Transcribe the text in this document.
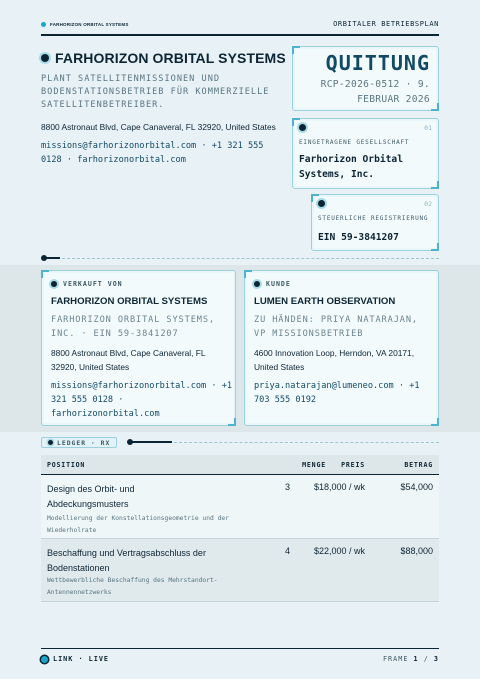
FARHORIZON ORBITAL SYSTEMS	ORBITALER BETRIEBSPLAN
FARHORIZON ORBITAL SYSTEMS
PLANT SATELLITENMISSIONEN UND BODENSTATIONSBETRIEB FÜR KOMMERZIELLE SATELLITENBETREIBER.
8800 Astronaut Blvd, Cape Canaveral, FL 32920, United States
missions@farhorizonorbital.com · +1 321 555 0128 · farhorizonorbital.com
QUITTUNG
RCP-2026-0512 · 9. FEBRUAR 2026
01
EINGETRAGENE GESELLSCHAFT
Farhorizon Orbital Systems, Inc.
02
STEUERLICHE REGISTRIERUNG
EIN 59-3841207
VERKAUFT VON
FARHORIZON ORBITAL SYSTEMS
FARHORIZON ORBITAL SYSTEMS, INC. · EIN 59-3841207
8800 Astronaut Blvd, Cape Canaveral, FL 32920, United States
missions@farhorizonorbital.com · +1 321 555 0128 · farhorizonorbital.com
KUNDE
LUMEN EARTH OBSERVATION
ZU HÄNDEN: PRIYA NATARAJAN, VP MISSIONSBETRIEB
4600 Innovation Loop, Herndon, VA 20171, United States
priya.natarajan@lumeneo.com · +1 703 555 0192
LEDGER · RX
POSITION	MENGE PREIS	BETRAG
Design des Orbit- und Abdeckungsmusters
Modellierung der Konstellationsgeometrie und der Wiederholrate
3	$18,000 / wk	$54,000
Beschaffung und Vertragsabschluss der Bodenstationen
Wettbewerbliche Beschaffung des Mehrstandort-Antennennetzwerks
4	$22,000 / wk	$88,000
LINK · LIVE	FRAME 1 / 3
